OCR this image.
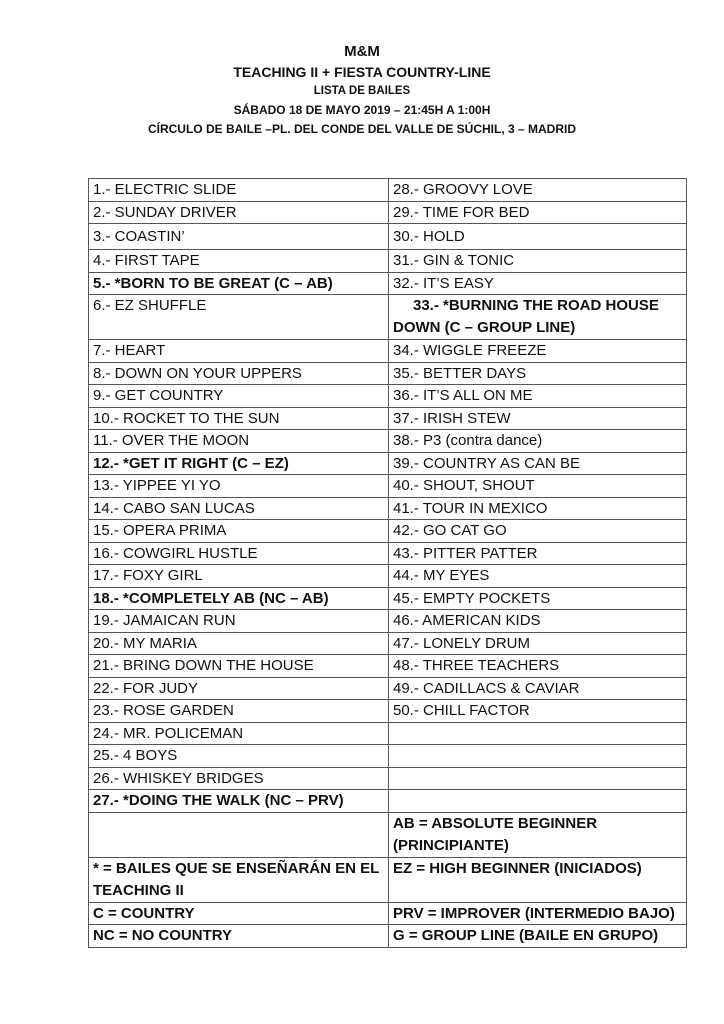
M&M
TEACHING II + FIESTA COUNTRY-LINE
LISTA DE BAILES
SÁBADO 18 DE MAYO 2019 – 21:45H A 1:00H
CÍRCULO DE BAILE –PL. DEL CONDE DEL VALLE DE SÚCHIL, 3 – MADRID
1.- ELECTRIC SLIDE	28.- GROOVY LOVE
2.- SUNDAY DRIVER	29.- TIME FOR BED
3.- COASTIN’	30.- HOLD
4.- FIRST TAPE	31.- GIN & TONIC
5.- *BORN TO BE GREAT (C – AB)	32.- IT’S EASY
6.- EZ SHUFFLE	33.- *BURNING THE ROAD HOUSE DOWN (C – GROUP LINE)
7.- HEART	34.- WIGGLE FREEZE
8.- DOWN ON YOUR UPPERS	35.- BETTER DAYS
9.- GET COUNTRY	36.- IT’S ALL ON ME
10.- ROCKET TO THE SUN	37.- IRISH STEW
11.- OVER THE MOON	38.- P3 (contra dance)
12.- *GET IT RIGHT (C – EZ)	39.- COUNTRY AS CAN BE
13.- YIPPEE YI YO	40.- SHOUT, SHOUT
14.- CABO SAN LUCAS	41.- TOUR IN MEXICO
15.- OPERA PRIMA	42.- GO CAT GO
16.- COWGIRL HUSTLE	43.- PITTER PATTER
17.- FOXY GIRL	44.- MY EYES
18.- *COMPLETELY AB (NC – AB)	45.- EMPTY POCKETS
19.- JAMAICAN RUN	46.- AMERICAN KIDS
20.- MY MARIA	47.- LONELY DRUM
21.- BRING DOWN THE HOUSE	48.- THREE TEACHERS
22.- FOR JUDY	49.- CADILLACS & CAVIAR
23.- ROSE GARDEN	50.- CHILL FACTOR
24.- MR. POLICEMAN	
25.- 4 BOYS	
26.- WHISKEY BRIDGES	
27.- *DOING THE WALK (NC – PRV)	
	AB = ABSOLUTE BEGINNER (PRINCIPIANTE)
* = BAILES QUE SE ENSEÑARÁN EN EL TEACHING II	EZ = HIGH BEGINNER (INICIADOS)
C = COUNTRY	PRV = IMPROVER (INTERMEDIO BAJO)
NC = NO COUNTRY	G = GROUP LINE (BAILE EN GRUPO)
